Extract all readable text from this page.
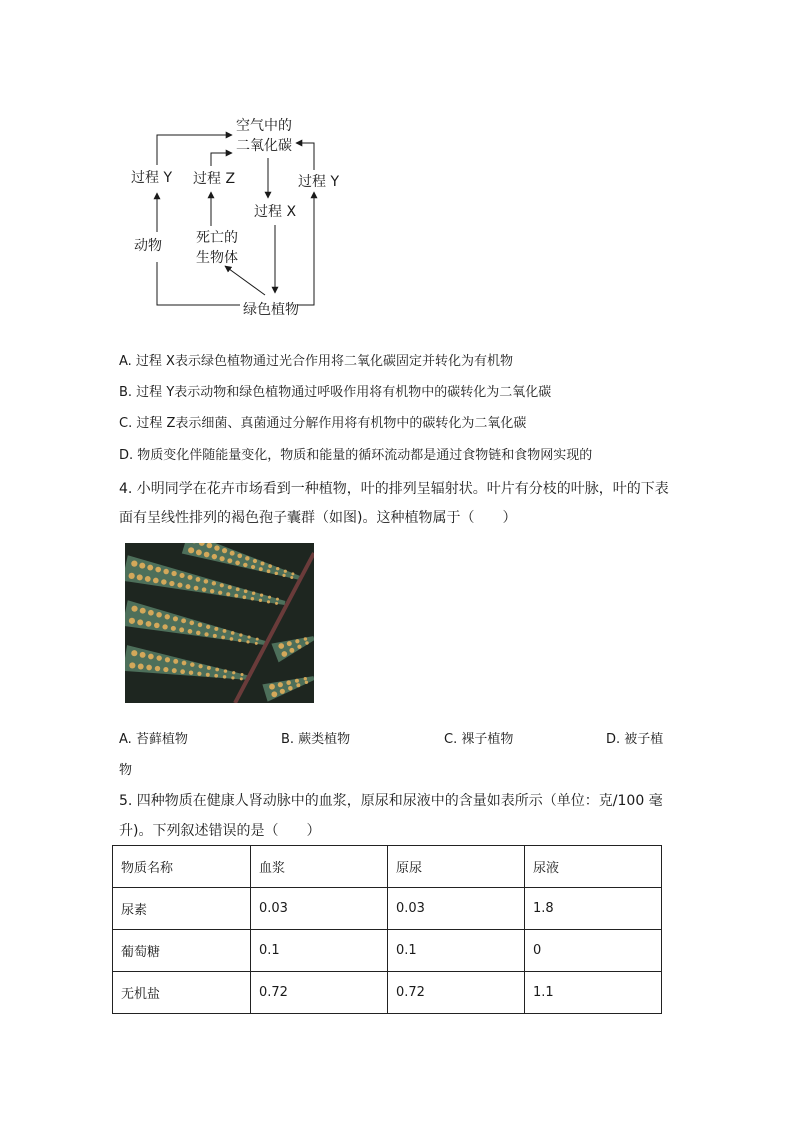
空气中的
二氧化碳
过程 Y 过程 Z	过程 Y
过程 X
动物 死亡的
生物体
绿色植物
A. 过程 X表示绿色植物通过光合作用将二氧化碳固定并转化为有机物
B. 过程 Y表示动物和绿色植物通过呼吸作用将有机物中的碳转化为二氧化碳
C. 过程 Z表示细菌、真菌通过分解作用将有机物中的碳转化为二氧化碳
D. 物质变化伴随能量变化，物质和能量的循环流动都是通过食物链和食物网实现的
4. 小明同学在花卉市场看到一种植物，叶的排列呈辐射状。叶片有分枝的叶脉，叶的下表
面有呈线性排列的褐色孢子囊群（如图)。这种植物属于（　　）
A. 苔藓植物	B. 蕨类植物	C. 裸子植物	D. 被子植
物
5. 四种物质在健康人肾动脉中的血浆，原尿和尿液中的含量如表所示（单位：克/100 毫
升)。下列叙述错误的是（　　）
物质名称	血浆	原尿	尿液
尿素	0.03	0.03	1.8
葡萄糖	0.1	0.1	0
无机盐	0.72	0.72	1.1
